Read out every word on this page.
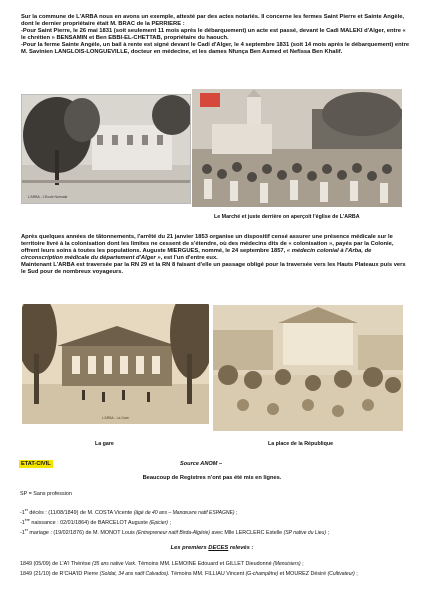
Sur la commune de L'ARBA nous en avons un exemple, attesté par des actes notariés. Il concerne les fermes Saint Pierre et Sainte Angèle, dont le dernier propriétaire était M. BRAC de la PERRIERE :

-Pour Saint Pierre, le 26 mai 1831 (soit seulement 11 mois après le débarquement) un acte est passé, devant le Cadi MALEKI d'Alger, entre « le chrétien » BENSAMIN et Ben EBBI-EL-CHETTAB, propriétaire du haouch.

-Pour la ferme Sainte Angèle, un bail à rente est signé devant le Cadi d'Alger, le 4 septembre 1831 (soit 14 mois après le débarquement) entre M. Savinien LANGLOIS-LONGUEVILLE, docteur en médecine, et les dames Nfunça Ben Asmed et Nefissa Ben Khalif.

L'ARBA - L'Ecole Normale
Le Marché et juste derrière on aperçoit l'église de L'ARBA

Après quelques années de tâtonnements, l'arrêté du 21 janvier 1853 organise un dispositif censé assurer une présence médicale sur le territoire livré à la colonisation dont les limites ne cessent de s'étendre, où des médecins dits de « colonisation », payés par la Colonie, offrent leurs soins à toutes les populations. Auguste MIERGUES, nommé, le 24 septembre 1857, « médecin colonial à l'Arba, de circonscription médicale du département d'Alger », est l'un d'entre eux.

Maintenant L'ARBA est traversée par la RN 29 et la RN 8 faisant d'elle un passage obligé pour la traversée vers les Hauts Plateaux puis vers le Sud pour de nombreux voyageurs.

L'ARBA - La Gare
La gare	La place de la République
ETAT-CIVIL	Source ANOM –
Beaucoup de Registres n'ont pas été mis en lignes.
SP = Sans profession
-1er décès : (11/08/1849) de M. COSTA Vicente (âgé de 40 ans – Manœuvre natif ESPAGNE) ;
-1ère naissance : 02/01/1864) de BARCELOT Auguste (Epicier) ;
-1er mariage : (19/02/1876) de M. MONOT Louis (Entrepreneur natif Birda-Algérie) avec Mlle LERCLERC Estelle (SP native du Lieu) ;
Les premiers DECES relevés :
1849 (05/09) de L'A'l Thérèse (35 ans native Vark. Témoins MM. LEMOINE Edouard et GILLET Dieudonné (Menuisiers) ;
1849 (21/10) de R'CHA'ID Pierre (Soldat, 34 ans natif Calvados). Témoins MM. FILLIAU Vincent (G-champêtre) et MOUREZ Désiré (Cultivateur) ;
